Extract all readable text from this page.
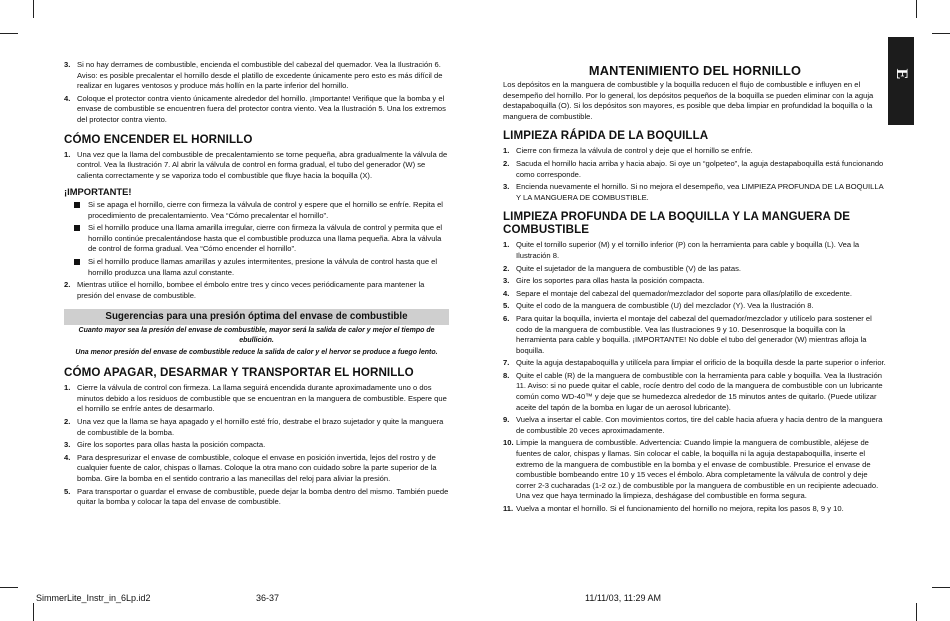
E
3. Si no hay derrames de combustible, encienda el combustible del cabezal del quemador. Vea la Ilustración 6. Aviso: es posible precalentar el hornillo desde el platillo de excedente únicamente pero esto es más difícil de realizar en lugares ventosos y produce más hollín en la parte inferior del hornillo.
4. Coloque el protector contra viento únicamente alrededor del hornillo. ¡Importante! Verifique que la bomba y el envase de combustible se encuentren fuera del protector contra viento. Vea la Ilustración 5. Una los extremos del protector contra viento.
CÓMO ENCENDER EL HORNILLO
1. Una vez que la llama del combustible de precalentamiento se torne pequeña, abra gradualmente la válvula de control. Vea la Ilustración 7. Al abrir la válvula de control en forma gradual, el tubo del generador (W) se calienta correctamente y se vaporiza todo el combustible que fluye hacia la boquilla (X).
¡IMPORTANTE!
Si se apaga el hornillo, cierre con firmeza la válvula de control y espere que el hornillo se enfríe. Repita el procedimiento de precalentamiento. Vea “Cómo precalentar el hornillo”.
Si el hornillo produce una llama amarilla irregular, cierre con firmeza la válvula de control y permita que el hornillo continúe precalentándose hasta que el combustible produzca una llama pequeña. Abra la válvula de control de forma gradual. Vea “Cómo encender el hornillo”.
Si el hornillo produce llamas amarillas y azules intermitentes, presione la válvula de control hasta que el hornillo produzca una llama azul constante.
2. Mientras utilice el hornillo, bombee el émbolo entre tres y cinco veces periódicamente para mantener la presión del envase de combustible.
Sugerencias para una presión óptima del envase de combustible
Cuanto mayor sea la presión del envase de combustible, mayor será la salida de calor y mejor el tiempo de ebullición.
Una menor presión del envase de combustible reduce la salida de calor y el hervor se produce a fuego lento.
CÓMO APAGAR, DESARMAR Y TRANSPORTAR EL HORNILLO
1. Cierre la válvula de control con firmeza. La llama seguirá encendida durante aproximadamente uno o dos minutos debido a los residuos de combustible que se encuentran en la manguera de combustible. Espere que el hornillo se enfríe antes de desarmarlo.
2. Una vez que la llama se haya apagado y el hornillo esté frío, destrabe el brazo sujetador y quite la manguera de combustible de la bomba.
3. Gire los soportes para ollas hasta la posición compacta.
4. Para despresurizar el envase de combustible, coloque el envase en posición invertida, lejos del rostro y de cualquier fuente de calor, chispas o llamas. Coloque la otra mano con cuidado sobre la parte superior de la bomba. Gire la bomba en el sentido contrario a las manecillas del reloj para aliviar la presión.
5. Para transportar o guardar el envase de combustible, puede dejar la bomba dentro del mismo. También puede quitar la bomba y colocar la tapa del envase de combustible.
MANTENIMIENTO DEL HORNILLO
Los depósitos en la manguera de combustible y la boquilla reducen el flujo de combustible e influyen en el desempeño del hornillo. Por lo general, los depósitos pequeños de la boquilla se pueden eliminar con la aguja destapaboquilla (O). Si los depósitos son mayores, es posible que deba limpiar en profundidad la boquilla o la manguera de combustible.
LIMPIEZA RÁPIDA DE LA BOQUILLA
1. Cierre con firmeza la válvula de control y deje que el hornillo se enfríe.
2. Sacuda el hornillo hacia arriba y hacia abajo. Si oye un “golpeteo”, la aguja destapaboquilla está funcionando como corresponde.
3. Encienda nuevamente el hornillo. Si no mejora el desempeño, vea LIMPIEZA PROFUNDA DE LA BOQUILLA Y LA MANGUERA DE COMBUSTIBLE.
LIMPIEZA PROFUNDA DE LA BOQUILLA Y LA MANGUERA DE COMBUSTIBLE
1. Quite el tornillo superior (M) y el tornillo inferior (P) con la herramienta para cable y boquilla (L). Vea la Ilustración 8.
2. Quite el sujetador de la manguera de combustible (V) de las patas.
3. Gire los soportes para ollas hasta la posición compacta.
4. Separe el montaje del cabezal del quemador/mezclador del soporte para ollas/platillo de excedente.
5. Quite el codo de la manguera de combustible (U) del mezclador (Y). Vea la Ilustración 8.
6. Para quitar la boquilla, invierta el montaje del cabezal del quemador/mezclador y utilícelo para sostener el codo de la manguera de combustible. Vea las Ilustraciones 9 y 10. Desenrosque la boquilla con la herramienta para cable y boquilla. ¡IMPORTANTE! No doble el tubo del generador (W) mientras afloja la boquilla.
7. Quite la aguja destapaboquilla y utilícela para limpiar el orificio de la boquilla desde la parte superior o inferior.
8. Quite el cable (R) de la manguera de combustible con la herramienta para cable y boquilla. Vea la Ilustración 11. Aviso: si no puede quitar el cable, rocíe dentro del codo de la manguera de combustible con un lubricante común como WD-40™ y deje que se humedezca alrededor de 15 minutos antes de quitarlo. (Puede utilizar aceite del tapón de la bomba en lugar de un aerosol lubricante).
9. Vuelva a insertar el cable. Con movimientos cortos, tire del cable hacia afuera y hacia dentro de la manguera de combustible 20 veces aproximadamente.
10. Limpie la manguera de combustible. Advertencia: Cuando limpie la manguera de combustible, aléjese de fuentes de calor, chispas y llamas. Sin colocar el cable, la boquilla ni la aguja destapaboquilla, inserte el extremo de la manguera de combustible en la bomba y el envase de combustible. Presurice el envase de combustible bombeando entre 10 y 15 veces el émbolo. Abra completamente la válvula de control y deje correr 2-3 cucharadas (1-2 oz.) de combustible por la manguera de combustible en un recipiente adecuado. Una vez que haya terminado la limpieza, deshágase del combustible en forma segura.
11. Vuelva a montar el hornillo. Si el funcionamiento del hornillo no mejora, repita los pasos 8, 9 y 10.
SimmerLite_Instr_in_6Lp.id2	36-37	11/11/03, 11:29 AM
